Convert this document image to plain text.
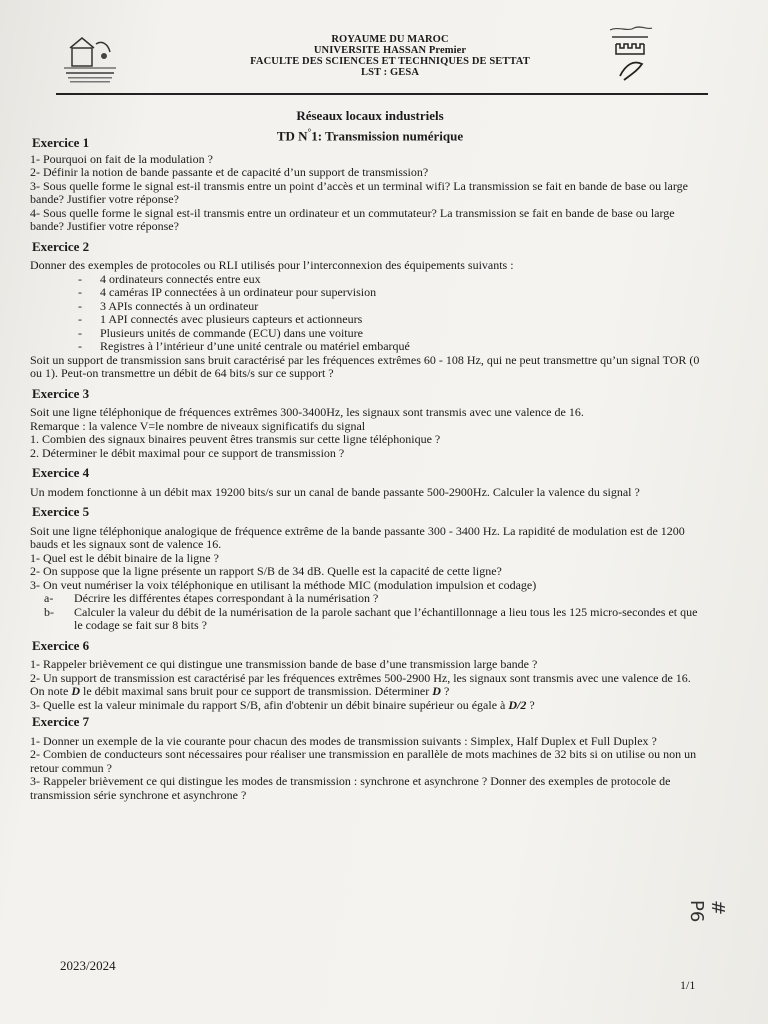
ROYAUME DU MAROC
UNIVERSITE HASSAN Premier
FACULTE DES SCIENCES ET TECHNIQUES DE SETTAT
LST : GESA
Réseaux locaux industriels
TD N°1: Transmission numérique
Exercice 1

1- Pourquoi on fait de la modulation ?

2- Définir la notion de bande passante et de capacité d’un support de transmission?

3- Sous quelle forme le signal est-il transmis entre un point d’accès et un terminal wifi? La transmission se fait en bande de base ou large bande? Justifier votre réponse?

4- Sous quelle forme le signal est-il transmis entre un ordinateur et un commutateur? La transmission se fait en bande de base ou large bande? Justifier votre réponse?

Exercice 2

Donner des exemples de protocoles ou RLI utilisés pour l’interconnexion des équipements suivants :

- 4 ordinateurs connectés entre eux
- 4 caméras IP connectées à un ordinateur pour supervision
- 3 APIs connectés à un ordinateur
- 1 API connectés avec plusieurs capteurs et actionneurs
- Plusieurs unités de commande (ECU) dans une voiture
- Registres à l’intérieur d’une unité centrale ou matériel embarqué

Soit un support de transmission sans bruit caractérisé par les fréquences extrêmes 60 - 108 Hz, qui ne peut transmettre qu’un signal TOR (0 ou 1). Peut-on transmettre un débit de 64 bits/s sur ce support ?

Exercice 3

Soit une ligne téléphonique de fréquences extrêmes 300-3400Hz, les signaux sont transmis avec une valence de 16.

Remarque : la valence V=le nombre de niveaux significatifs du signal

1. Combien des signaux binaires peuvent êtres transmis sur cette ligne téléphonique ?

2. Déterminer le débit maximal pour ce support de transmission ?

Exercice 4

Un modem fonctionne à un débit max 19200 bits/s sur un canal de bande passante 500-2900Hz. Calculer la valence du signal ?

Exercice 5

Soit une ligne téléphonique analogique de fréquence extrême de la bande passante 300 - 3400 Hz. La rapidité de modulation est de 1200 bauds et les signaux sont de valence 16.

1- Quel est le débit binaire de la ligne ?

2- On suppose que la ligne présente un rapport S/B de 34 dB. Quelle est la capacité de cette ligne?

3- On veut numériser la voix téléphonique en utilisant la méthode MIC (modulation impulsion et codage)

a- Décrire les différentes étapes correspondant à la numérisation ?
b- Calculer la valeur du débit de la numérisation de la parole sachant que l’échantillonnage a lieu tous les 125 micro-secondes et que le codage se fait sur 8 bits ?
Exercice 6

1- Rappeler brièvement ce qui distingue une transmission bande de base d’une transmission large bande ?

2- Un support de transmission est caractérisé par les fréquences extrêmes 500-2900 Hz, les signaux sont transmis avec une valence de 16. On note D le débit maximal sans bruit pour ce support de transmission. Déterminer D ?

3- Quelle est la valeur minimale du rapport S/B, afin d'obtenir un débit binaire supérieur ou égale à D/2 ?

Exercice 7

1- Donner un exemple de la vie courante pour chacun des modes de transmission suivants : Simplex, Half Duplex et Full Duplex ?

2- Combien de conducteurs sont nécessaires pour réaliser une transmission en parallèle de mots machines de 32 bits si on utilise ou non un retour commun ?

3- Rappeler brièvement ce qui distingue les modes de transmission : synchrone et asynchrone ? Donner des exemples de protocole de transmission série synchrone et asynchrone ?

2023/2024
1/1
# P6
